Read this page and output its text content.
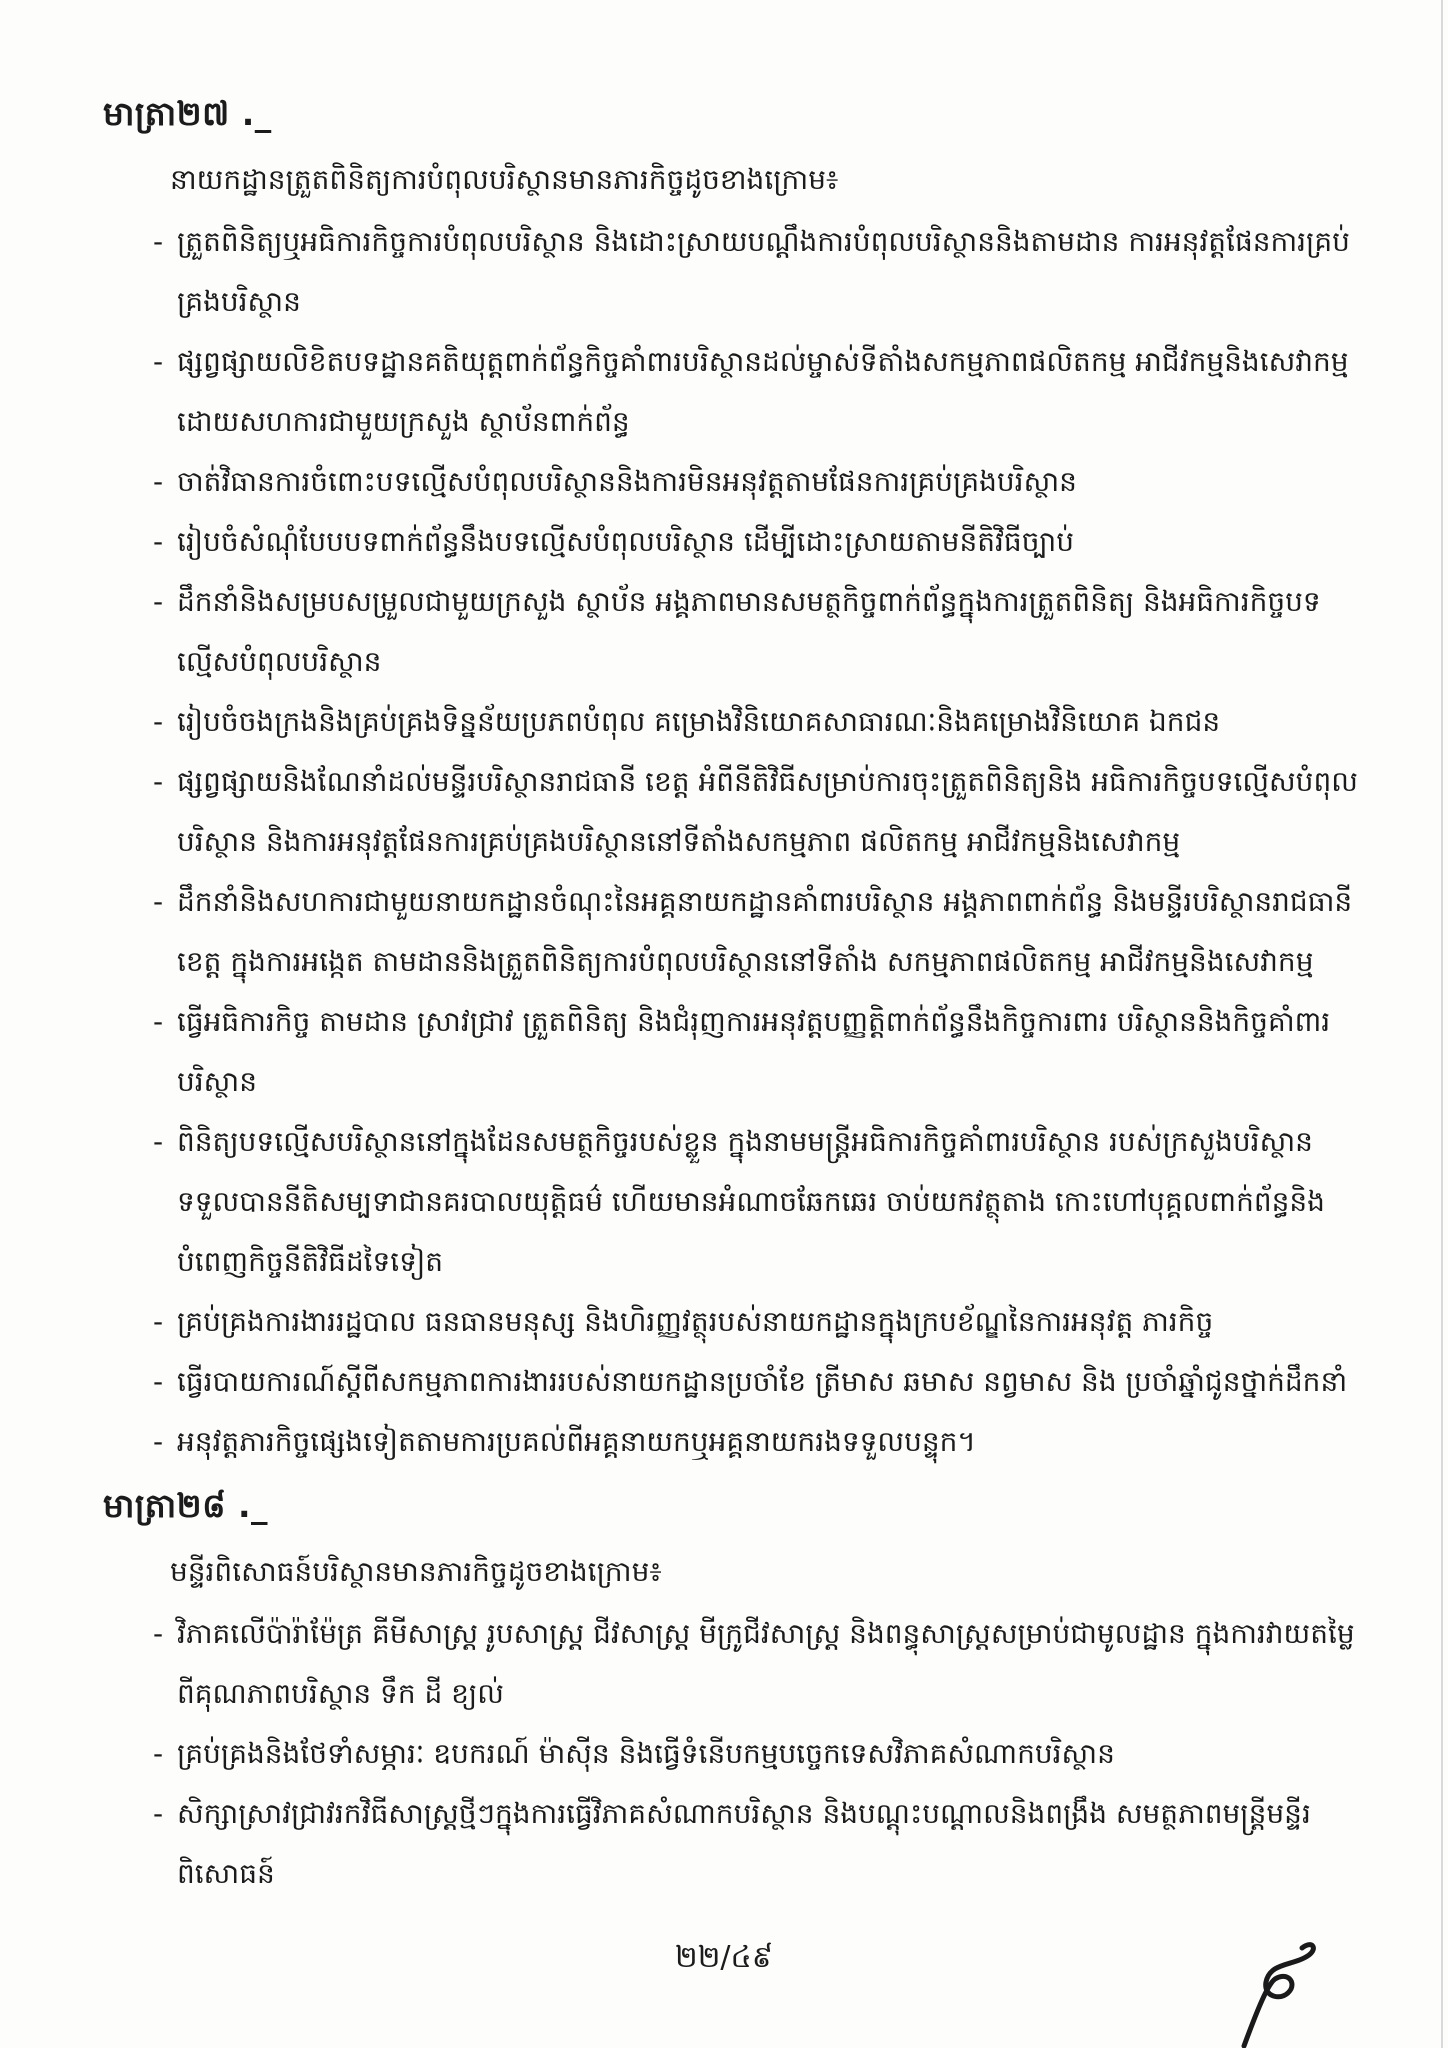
មាត្រា២៧ ._

នាយកដ្ឋានត្រួតពិនិត្យការបំពុលបរិស្ថានមានភារកិច្ចដូចខាងក្រោម៖

- ត្រួតពិនិត្យឬអធិការកិច្ចការបំពុលបរិស្ថាន និងដោះស្រាយបណ្តឹងការបំពុលបរិស្ថាននិងតាមដាន ការអនុវត្តផែនការគ្រប់គ្រងបរិស្ថាន
- ផ្សព្វផ្សាយលិខិតបទដ្ឋានគតិយុត្តពាក់ព័ន្ធកិច្ចគាំពារបរិស្ថានដល់ម្ចាស់ទីតាំងសកម្មភាពផលិតកម្ម អាជីវកម្មនិងសេវាកម្ម ដោយសហការជាមួយក្រសួង ស្ថាប័នពាក់ព័ន្ធ
- ចាត់វិធានការចំពោះបទល្មើសបំពុលបរិស្ថាននិងការមិនអនុវត្តតាមផែនការគ្រប់គ្រងបរិស្ថាន
- រៀបចំសំណុំបែបបទពាក់ព័ន្ធនឹងបទល្មើសបំពុលបរិស្ថាន ដើម្បីដោះស្រាយតាមនីតិវិធីច្បាប់
- ដឹកនាំនិងសម្របសម្រួលជាមួយក្រសួង ស្ថាប័ន អង្គភាពមានសមត្ថកិច្ចពាក់ព័ន្ធក្នុងការត្រួតពិនិត្យ និងអធិការកិច្ចបទល្មើសបំពុលបរិស្ថាន
- រៀបចំចងក្រងនិងគ្រប់គ្រងទិន្នន័យប្រភពបំពុល គម្រោងវិនិយោគសាធារណៈនិងគម្រោងវិនិយោគ ឯកជន
- ផ្សព្វផ្សាយនិងណែនាំដល់មន្ទីរបរិស្ថានរាជធានី ខេត្ត អំពីនីតិវិធីសម្រាប់ការចុះត្រួតពិនិត្យនិង អធិការកិច្ចបទល្មើសបំពុលបរិស្ថាន និងការអនុវត្តផែនការគ្រប់គ្រងបរិស្ថាននៅទីតាំងសកម្មភាព ផលិតកម្ម អាជីវកម្មនិងសេវាកម្ម
- ដឹកនាំនិងសហការជាមួយនាយកដ្ឋានចំណុះនៃអគ្គនាយកដ្ឋានគាំពារបរិស្ថាន អង្គភាពពាក់ព័ន្ធ និងមន្ទីរបរិស្ថានរាជធានី ខេត្ត ក្នុងការអង្កេត តាមដាននិងត្រួតពិនិត្យការបំពុលបរិស្ថាននៅទីតាំង សកម្មភាពផលិតកម្ម អាជីវកម្មនិងសេវាកម្ម
- ធ្វើអធិការកិច្ច តាមដាន ស្រាវជ្រាវ ត្រួតពិនិត្យ និងជំរុញការអនុវត្តបញ្ញត្តិពាក់ព័ន្ធនឹងកិច្ចការពារ បរិស្ថាននិងកិច្ចគាំពារបរិស្ថាន
- ពិនិត្យបទល្មើសបរិស្ថាននៅក្នុងដែនសមត្ថកិច្ចរបស់ខ្លួន ក្នុងនាមមន្ត្រីអធិការកិច្ចគាំពារបរិស្ថាន របស់ក្រសួងបរិស្ថាន ទទួលបាននីតិសម្បទាជានគរបាលយុត្តិធម៌ ហើយមានអំណាចឆែកឆេរ ចាប់យកវត្ថុតាង កោះហៅបុគ្គលពាក់ព័ន្ធនិងបំពេញកិច្ចនីតិវិធីដទៃទៀត
- គ្រប់គ្រងការងាររដ្ឋបាល ធនធានមនុស្ស និងហិរញ្ញវត្ថុរបស់នាយកដ្ឋានក្នុងក្របខ័ណ្ឌនៃការអនុវត្ត ភារកិច្ច
- ធ្វើរបាយការណ៍ស្តីពីសកម្មភាពការងាររបស់នាយកដ្ឋានប្រចាំខែ ត្រីមាស ឆមាស នព្វមាស និង ប្រចាំឆ្នាំជូនថ្នាក់ដឹកនាំ
- អនុវត្តភារកិច្ចផ្សេងទៀតតាមការប្រគល់ពីអគ្គនាយកឬអគ្គនាយករងទទួលបន្ទុក។
មាត្រា២៨ ._

មន្ទីរពិសោធន៍បរិស្ថានមានភារកិច្ចដូចខាងក្រោម៖

- វិភាគលើប៉ារ៉ាម៉ែត្រ គីមីសាស្ត្រ រូបសាស្ត្រ ជីវសាស្ត្រ មីក្រូជីវសាស្ត្រ និងពន្ធុសាស្ត្រសម្រាប់ជាមូលដ្ឋាន ក្នុងការវាយតម្លៃពីគុណភាពបរិស្ថាន ទឹក ដី ខ្យល់
- គ្រប់គ្រងនិងថែទាំសម្ភារៈ ឧបករណ៍ ម៉ាស៊ីន និងធ្វើទំនើបកម្មបច្ចេកទេសវិភាគសំណាកបរិស្ថាន
- សិក្សាស្រាវជ្រាវរកវិធីសាស្ត្រថ្មីៗក្នុងការធ្វើវិភាគសំណាកបរិស្ថាន និងបណ្តុះបណ្តាលនិងពង្រឹង សមត្ថភាពមន្ត្រីមន្ទីរពិសោធន៍
២២/៤៩
